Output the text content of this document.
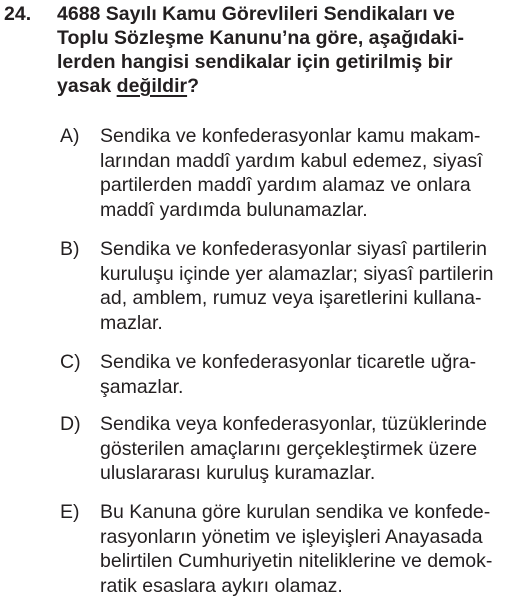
24. 4688 Sayılı Kamu Görevlileri Sendikaları ve
Toplu Sözleşme Kanunu’na göre, aşağıdaki-
lerden hangisi sendikalar için getirilmiş bir
yasak değildir?
A) Sendika ve konfederasyonlar kamu makam-
larından maddî yardım kabul edemez, siyasî
partilerden maddî yardım alamaz ve onlara
maddî yardımda bulunamazlar.
B) Sendika ve konfederasyonlar siyasî partilerin
kuruluşu içinde yer alamazlar; siyasî partilerin
ad, amblem, rumuz veya işaretlerini kullana-
mazlar.
C) Sendika ve konfederasyonlar ticaretle uğra-
şamazlar.
D) Sendika veya konfederasyonlar, tüzüklerinde
gösterilen amaçlarını gerçekleştirmek üzere
uluslararası kuruluş kuramazlar.
E) Bu Kanuna göre kurulan sendika ve konfede-
rasyonların yönetim ve işleyişleri Anayasada
belirtilen Cumhuriyetin niteliklerine ve demok-
ratik esaslara aykırı olamaz.
